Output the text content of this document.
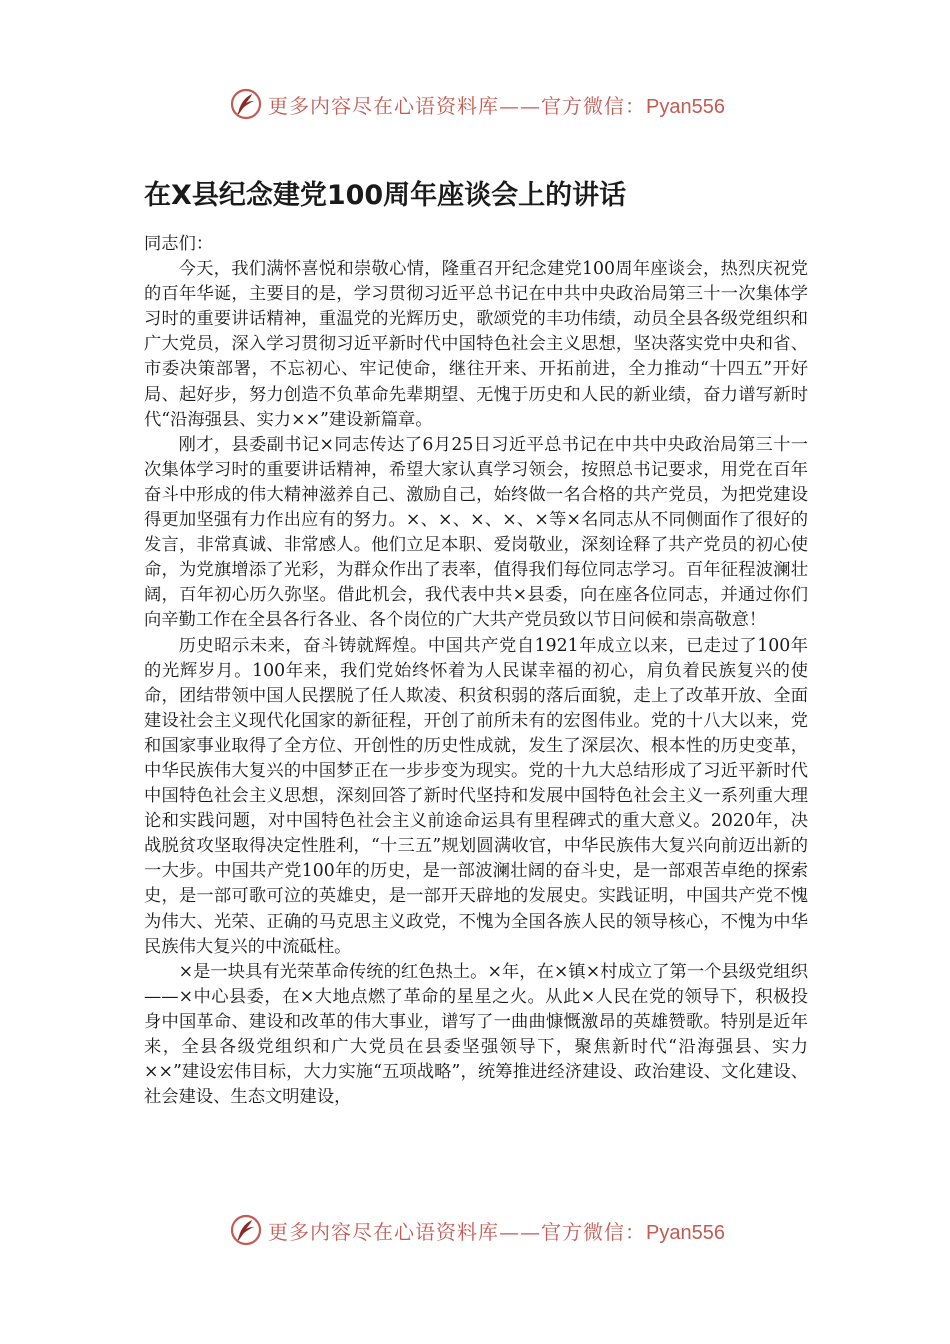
更多内容尽在心语资料库——官方微信：Pyan556
在X县纪念建党100周年座谈会上的讲话

同志们：

今天，我们满怀喜悦和崇敬心情，隆重召开纪念建党100周年座谈会，热烈庆祝党的百年华诞，主要目的是，学习贯彻习近平总书记在中共中央政治局第三十一次集体学习时的重要讲话精神，重温党的光辉历史，歌颂党的丰功伟绩，动员全县各级党组织和广大党员，深入学习贯彻习近平新时代中国特色社会主义思想，坚决落实党中央和省、市委决策部署，不忘初心、牢记使命，继往开来、开拓前进，全力推动“十四五”开好局、起好步，努力创造不负革命先辈期望、无愧于历史和人民的新业绩，奋力谱写新时代“沿海强县、实力××”建设新篇章。

刚才，县委副书记×同志传达了6月25日习近平总书记在中共中央政治局第三十一次集体学习时的重要讲话精神，希望大家认真学习领会，按照总书记要求，用党在百年奋斗中形成的伟大精神滋养自己、激励自己，始终做一名合格的共产党员，为把党建设得更加坚强有力作出应有的努力。×、×、×、×、×等×名同志从不同侧面作了很好的发言，非常真诚、非常感人。他们立足本职、爱岗敬业，深刻诠释了共产党员的初心使命，为党旗增添了光彩，为群众作出了表率，值得我们每位同志学习。百年征程波澜壮阔，百年初心历久弥坚。借此机会，我代表中共×县委，向在座各位同志，并通过你们向辛勤工作在全县各行各业、各个岗位的广大共产党员致以节日问候和崇高敬意！

历史昭示未来，奋斗铸就辉煌。中国共产党自1921年成立以来，已走过了100年的光辉岁月。100年来，我们党始终怀着为人民谋幸福的初心，肩负着民族复兴的使命，团结带领中国人民摆脱了任人欺凌、积贫积弱的落后面貌，走上了改革开放、全面建设社会主义现代化国家的新征程，开创了前所未有的宏图伟业。党的十八大以来，党和国家事业取得了全方位、开创性的历史性成就，发生了深层次、根本性的历史变革，中华民族伟大复兴的中国梦正在一步步变为现实。党的十九大总结形成了习近平新时代中国特色社会主义思想，深刻回答了新时代坚持和发展中国特色社会主义一系列重大理论和实践问题，对中国特色社会主义前途命运具有里程碑式的重大意义。2020年，决战脱贫攻坚取得决定性胜利，“十三五”规划圆满收官，中华民族伟大复兴向前迈出新的一大步。中国共产党100年的历史，是一部波澜壮阔的奋斗史，是一部艰苦卓绝的探索史，是一部可歌可泣的英雄史，是一部开天辟地的发展史。实践证明，中国共产党不愧为伟大、光荣、正确的马克思主义政党，不愧为全国各族人民的领导核心，不愧为中华民族伟大复兴的中流砥柱。

×是一块具有光荣革命传统的红色热土。×年，在×镇×村成立了第一个县级党组织——×中心县委，在×大地点燃了革命的星星之火。从此×人民在党的领导下，积极投身中国革命、建设和改革的伟大事业，谱写了一曲曲慷慨激昂的英雄赞歌。特别是近年来，全县各级党组织和广大党员在县委坚强领导下，聚焦新时代“沿海强县、实力××”建设宏伟目标，大力实施“五项战略”，统筹推进经济建设、政治建设、文化建设、社会建设、生态文明建设，

更多内容尽在心语资料库——官方微信：Pyan556
